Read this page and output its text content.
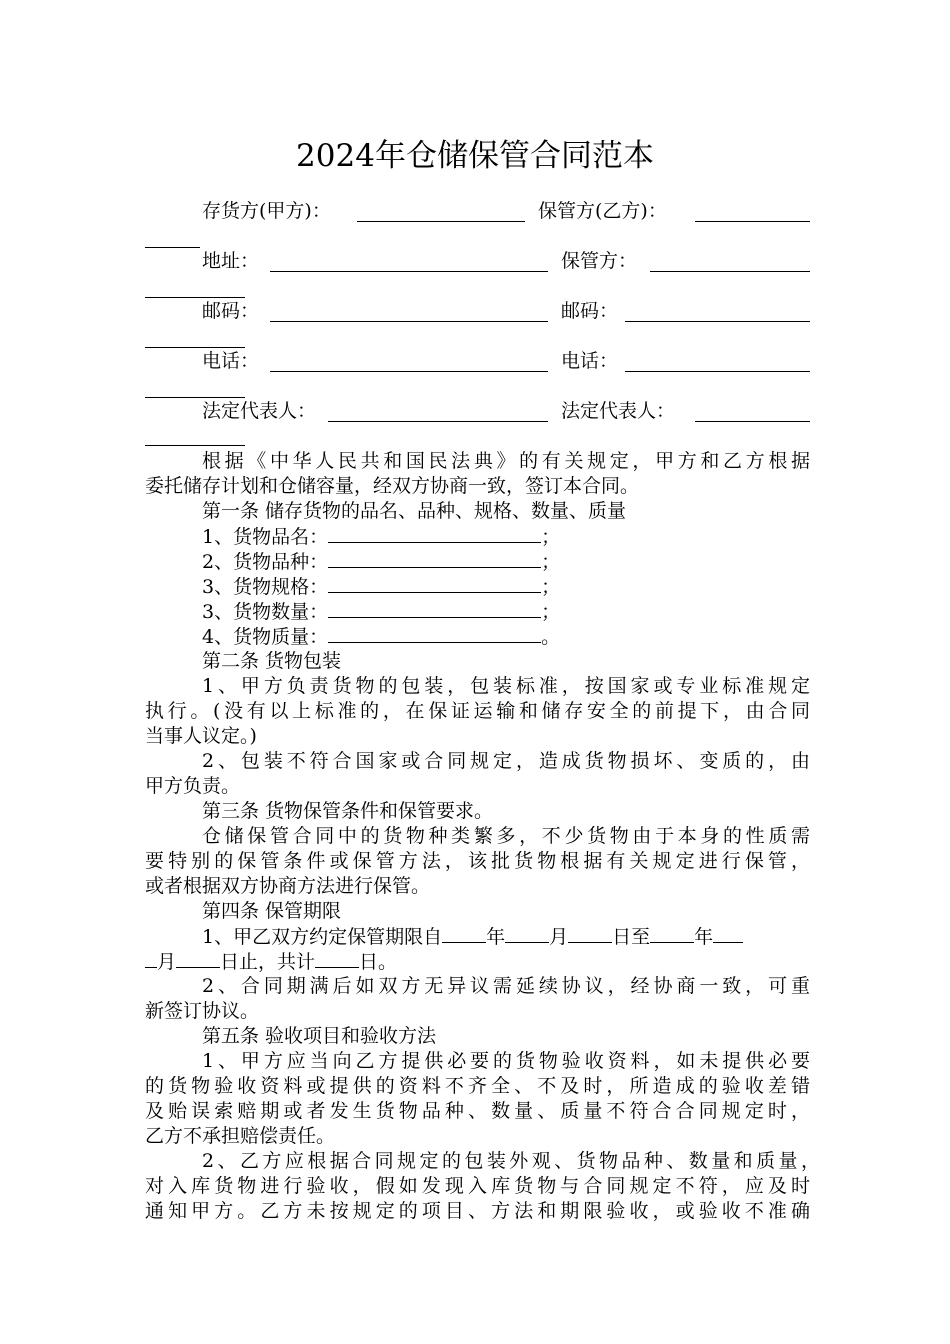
2024年仓储保管合同范本
存货方(甲方)：	保管方(乙方)：
地址：	保管方：
邮码：	邮码：
电话：	电话：
法定代表人：	法定代表人：
根据《中华人民共和国民法典》的有关规定，甲方和乙方根据
委托储存计划和仓储容量，经双方协商一致，签订本合同。
第一条 储存货物的品名、品种、规格、数量、质量
1、货物品名：	；
2、货物品种：	；
3、货物规格：	；
3、货物数量：	；
4、货物质量：	。
第二条 货物包装
1、甲方负责货物的包装，包装标准，按国家或专业标准规定
执行。(没有以上标准的，在保证运输和储存安全的前提下，由合同
当事人议定。)
2、包装不符合国家或合同规定，造成货物损坏、变质的，由
甲方负责。
第三条 货物保管条件和保管要求。
仓储保管合同中的货物种类繁多，不少货物由于本身的性质需
要特别的保管条件或保管方法，该批货物根据有关规定进行保管，
或者根据双方协商方法进行保管。
第四条 保管期限
1、甲乙双方约定保管期限自 年 月 日至 年
月 日止，共计 日。
2、合同期满后如双方无异议需延续协议，经协商一致，可重
新签订协议。
第五条 验收项目和验收方法
1、甲方应当向乙方提供必要的货物验收资料，如未提供必要
的货物验收资料或提供的资料不齐全、不及时，所造成的验收差错
及贻误索赔期或者发生货物品种、数量、质量不符合合同规定时，
乙方不承担赔偿责任。
2、乙方应根据合同规定的包装外观、货物品种、数量和质量，
对入库货物进行验收，假如发现入库货物与合同规定不符，应及时
通知甲方。乙方未按规定的项目、方法和期限验收，或验收不准确
